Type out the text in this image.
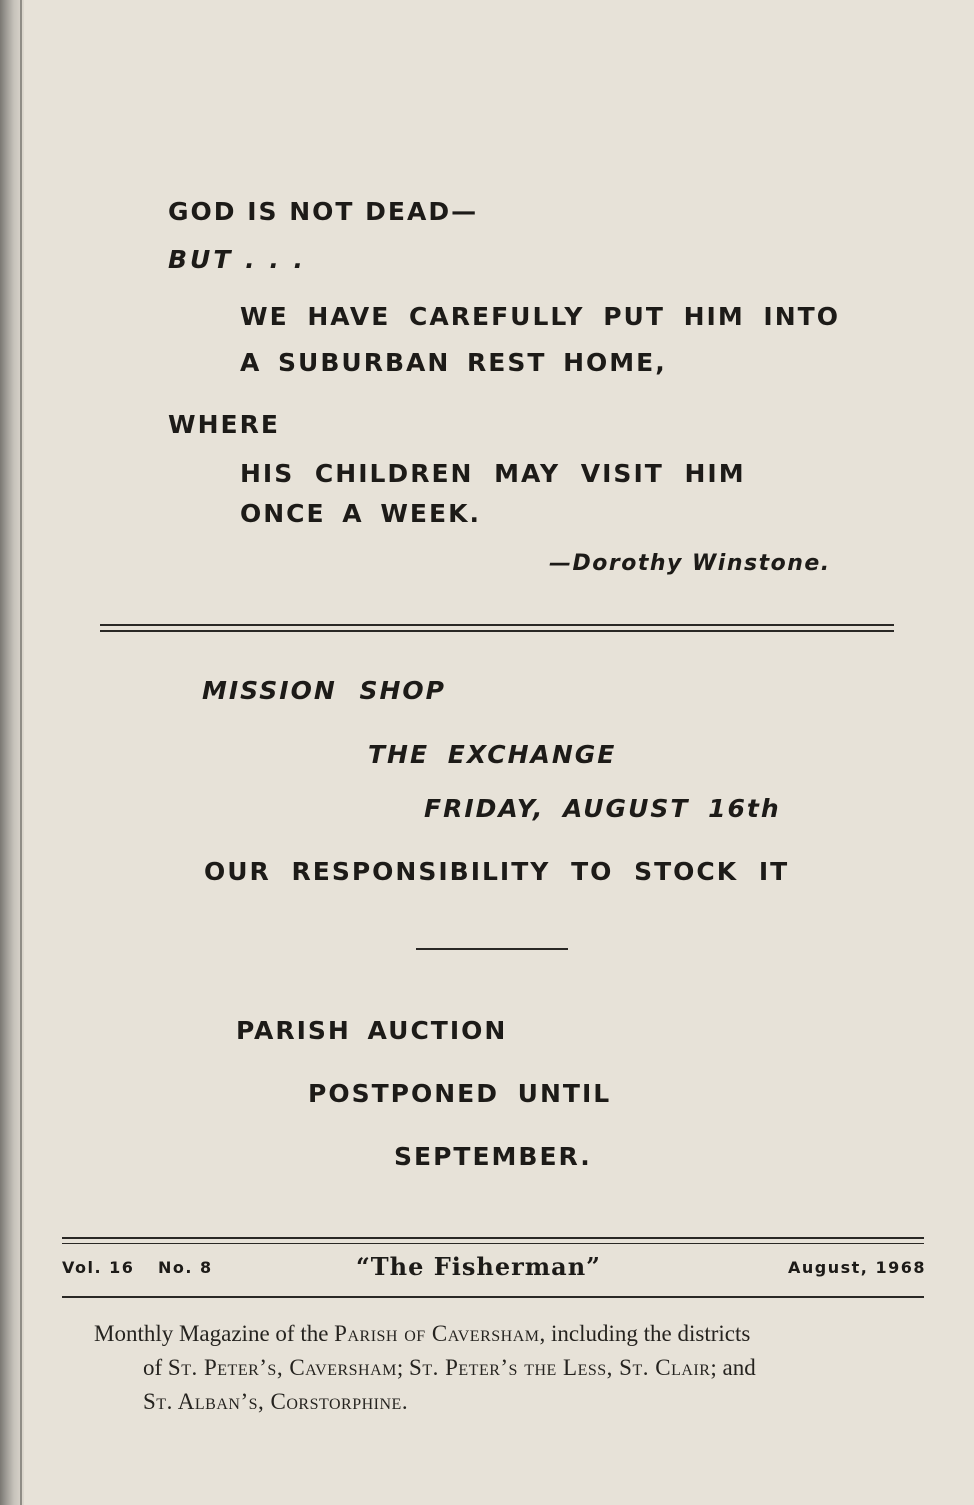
GOD IS NOT DEAD—
BUT . . .
WE HAVE CAREFULLY PUT HIM INTO
A SUBURBAN REST HOME,
WHERE
HIS CHILDREN MAY VISIT HIM
ONCE A WEEK.
—Dorothy Winstone.
MISSION SHOP
THE EXCHANGE
FRIDAY, AUGUST 16th
OUR RESPONSIBILITY TO STOCK IT
PARISH AUCTION
POSTPONED UNTIL
SEPTEMBER.
Vol. 16 No. 8	“The Fisherman”	August, 1968
Monthly Magazine of the Parish of Caversham, including the districts
of St. Peter’s, Caversham; St. Peter’s the Less, St. Clair; and
St. Alban’s, Corstorphine.
